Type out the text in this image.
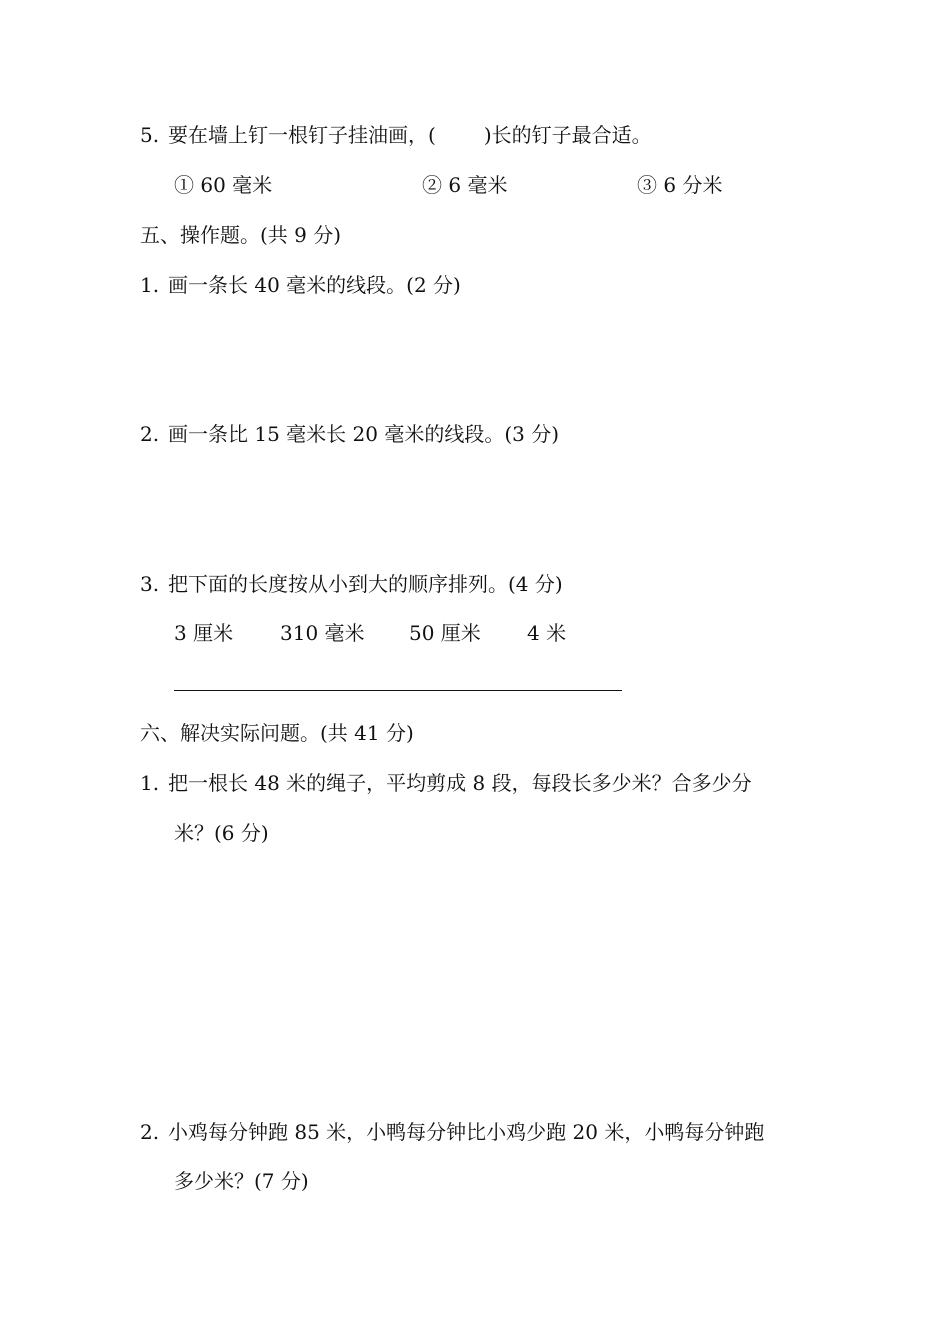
5. 要在墙上钉一根钉子挂油画，( )长的钉子最合适。
① 60 毫米	② 6 毫米	③ 6 分米
五、操作题。(共 9 分)
1. 画一条长 40 毫米的线段。(2 分)
2. 画一条比 15 毫米长 20 毫米的线段。(3 分)
3. 把下面的长度按从小到大的顺序排列。(4 分)
3 厘米 310 毫米 50 厘米 4 米
六、解决实际问题。(共 41 分)
1. 把一根长 48 米的绳子，平均剪成 8 段，每段长多少米？合多少分
米？(6 分)
2. 小鸡每分钟跑 85 米，小鸭每分钟比小鸡少跑 20 米，小鸭每分钟跑
多少米？(7 分)
